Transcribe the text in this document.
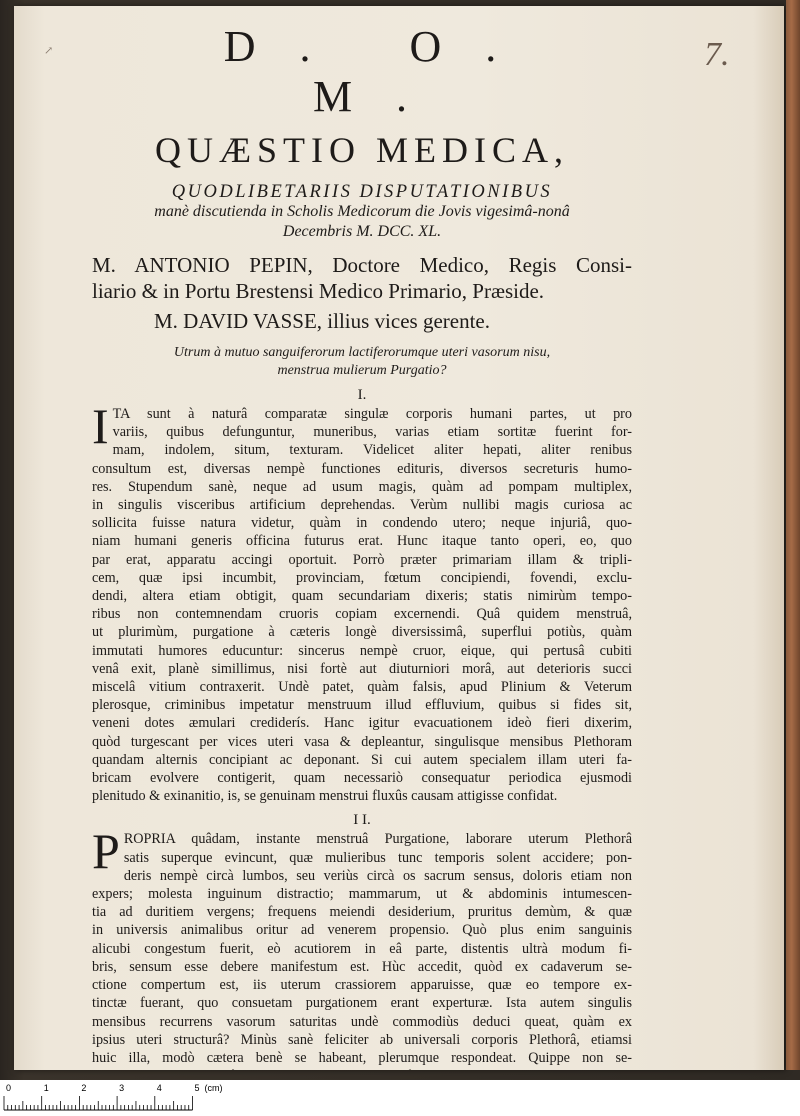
↗	7.
D. O. M.
QUÆSTIO MEDICA,
QUODLIBETARIIS DISPUTATIONIBUS
manè discutienda in Scholis Medicorum die Jovis vigesimâ-nonâ
Decembris M. DCC. XL.
M. ANTONIO PEPIN, Doctore Medico, Regis Consi-
liario & in Portu Brestensi Medico Primario, Præside.
M. DAVID VASSE, illius vices gerente.
Utrum à mutuo sanguiferorum lactiferorumque uteri vasorum nisu,
menstrua mulierum Purgatio?
I.
I TA sunt à naturâ comparatæ singulæ corporis humani partes, ut pro
variis, quibus defunguntur, muneribus, varias etiam sortitæ fuerint for-
mam, indolem, situm, texturam. Videlicet aliter hepati, aliter renibus
consultum est, diversas nempè functiones edituris, diversos secreturis humo-
res. Stupendum sanè, neque ad usum magis, quàm ad pompam multiplex,
in singulis visceribus artificium deprehendas. Verùm nullibi magis curiosa ac
sollicita fuisse natura videtur, quàm in condendo utero; neque injuriâ, quo-
niam humani generis officina futurus erat. Hunc itaque tanto operi, eo, quo
par erat, apparatu accingi oportuit. Porrò præter primariam illam & tripli-
cem, quæ ipsi incumbit, provinciam, fœtum concipiendi, fovendi, exclu-
dendi, altera etiam obtigit, quam secundariam dixeris; statis nimirùm tempo-
ribus non contemnendam cruoris copiam excernendi. Quâ quidem menstruâ,
ut plurimùm, purgatione à cæteris longè diversissimâ, superflui potiùs, quàm
immutati humores educuntur: sincerus nempè cruor, eique, qui pertusâ cubiti
venâ exit, planè simillimus, nisi fortè aut diuturniori morâ, aut deterioris succi
miscelâ vitium contraxerit. Undè patet, quàm falsis, apud Plinium & Veterum
plerosque, criminibus impetatur menstruum illud effluvium, quibus si fides sit,
veneni dotes æmulari crediderís. Hanc igitur evacuationem ideò fieri dixerim,
quòd turgescant per vices uteri vasa & depleantur, singulisque mensibus Plethoram
quandam alternis concipiant ac deponant. Si cui autem specialem illam uteri fa-
bricam evolvere contigerit, quam necessariò consequatur periodica ejusmodi
plenitudo & exinanitio, is, se genuinam menstrui fluxûs causam attigisse confidat.
I I.
P ROPRIA quâdam, instante menstruâ Purgatione, laborare uterum Plethorâ
satis superque evincunt, quæ mulieribus tunc temporis solent accidere; pon-
deris nempè circà lumbos, seu veriùs circà os sacrum sensus, doloris etiam non
expers; molesta inguinum distractio; mammarum, ut & abdominis intumescen-
tia ad duritiem vergens; frequens meiendi desiderium, pruritus demùm, & quæ
in universis animalibus oritur ad venerem propensio. Quò plus enim sanguinis
alicubi congestum fuerit, eò acutiorem in eâ parte, distentis ultrà modum fi-
bris, sensum esse debere manifestum est. Hùc accedit, quòd ex cadaverum se-
ctione compertum est, iis uterum crassiorem apparuisse, quæ eo tempore ex-
tinctæ fuerant, quo consuetam purgationem erant experturæ. Ista autem singulis
mensibus recurrens vasorum saturitas undè commodiùs deduci queat, quàm ex
ipsius uteri structurâ? Minùs sanè feliciter ab universali corporis Plethorâ, etiamsi
huic illa, modò cætera benè se habeant, plerumque respondeat. Quippe non se-
0	1	2	3	4	5 (cm)
